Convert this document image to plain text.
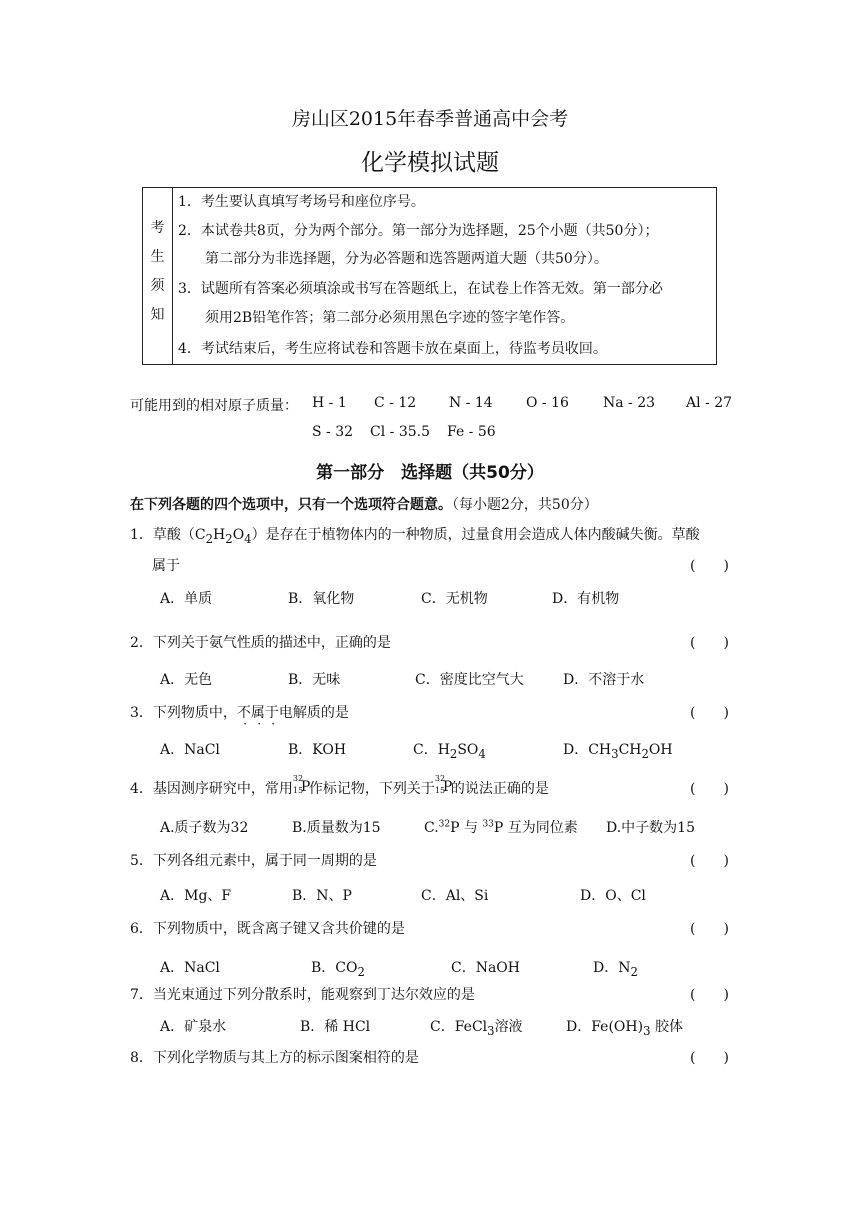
房山区2015年春季普通高中会考
化学模拟试题
考
生
须
知
1．考生要认真填写考场号和座位序号。
2．本试卷共8页，分为两个部分。第一部分为选择题，25个小题（共50分）；
第二部分为非选择题，分为必答题和选答题两道大题（共50分）。
3．试题所有答案必须填涂或书写在答题纸上，在试卷上作答无效。第一部分必
须用2B铅笔作答；第二部分必须用黑色字迹的签字笔作答。
4．考试结束后，考生应将试卷和答题卡放在桌面上，待监考员收回。
可能用到的相对原子质量： H - 1 C - 12 N - 14 O - 16 Na - 23 Al - 27
S - 32 Cl - 35.5 Fe - 56
第一部分　选择题（共50分）
在下列各题的四个选项中，只有一个选项符合题意。（每小题2分，共50分）
1．草酸$(C_2H_2O_4)$是存在于植物体内的一种物质，过量食用会造成人体内酸碱失衡。草酸
属于	(　　)
A．单质	B．氧化物	C．无机物	D．有机物
2．下列关于氨气性质的描述中，正确的是	(　　)
A．无色	B．无味	C．密度比空气大	D．不溶于水
3．下列物质中，不属于电解质的是	(　　)
A．NaCl	B．KOH	C．$H_2SO_4$	D．$CH_3CH_2OH$
4．基因测序研究中，常用
32
15
P
作标记物，下列关于
32
15
P
的说法正确的是	(　　)
A.质子数为32	B.质量数为15	C.$^{32}$P 与 $^{33}$P 互为同位素 D.中子数为15
5．下列各组元素中，属于同一周期的是	(　　)
A．Mg、F	B．N、P	C．Al、Si	D．O、Cl
6．下列物质中，既含离子键又含共价键的是	(　　)
A．NaCl	B．$CO_2$	C．NaOH	D．$N_2$
7．当光束通过下列分散系时，能观察到丁达尔效应的是	(　　)
A．矿泉水	B．稀 HCl	C．FeCl$_3$溶液	D．$Fe(OH)_3$ 胶体
8．下列化学物质与其上方的标示图案相符的是	(　　)
